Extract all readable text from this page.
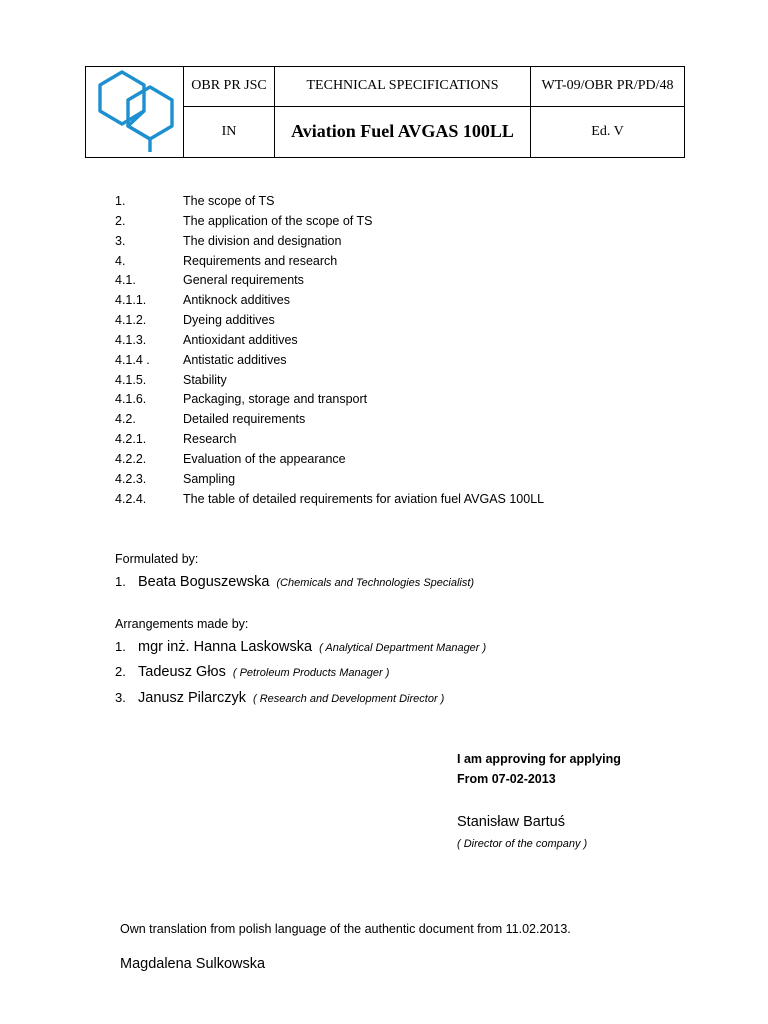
	OBR PR JSC	TECHNICAL SPECIFICATIONS	WT-09/OBR PR/PD/48
	IN	Aviation Fuel AVGAS 100LL	Ed. V
1.	The scope of TS
2.	The application of the scope of TS
3.	The division and designation
4.	Requirements and research
4.1.	General requirements
4.1.1.	Antiknock additives
4.1.2.	Dyeing additives
4.1.3.	Antioxidant additives
4.1.4 .	Antistatic additives
4.1.5.	Stability
4.1.6.	Packaging, storage and transport
4.2.	Detailed requirements
4.2.1.	Research
4.2.2.	Evaluation of the appearance
4.2.3.	Sampling
4.2.4.	The table of detailed requirements for aviation fuel AVGAS 100LL
Formulated by:
1. Beata Boguszewska (Chemicals and Technologies Specialist)
Arrangements made by:
1. mgr inż. Hanna Laskowska ( Analytical Department Manager )
2. Tadeusz Głos ( Petroleum Products Manager )
3. Janusz Pilarczyk ( Research and Development Director )
I am approving for applying
From 07-02-2013
Stanisław Bartuś
( Director of the company )
Own translation from polish language of the authentic document from 11.02.2013.
Magdalena Sulkowska
